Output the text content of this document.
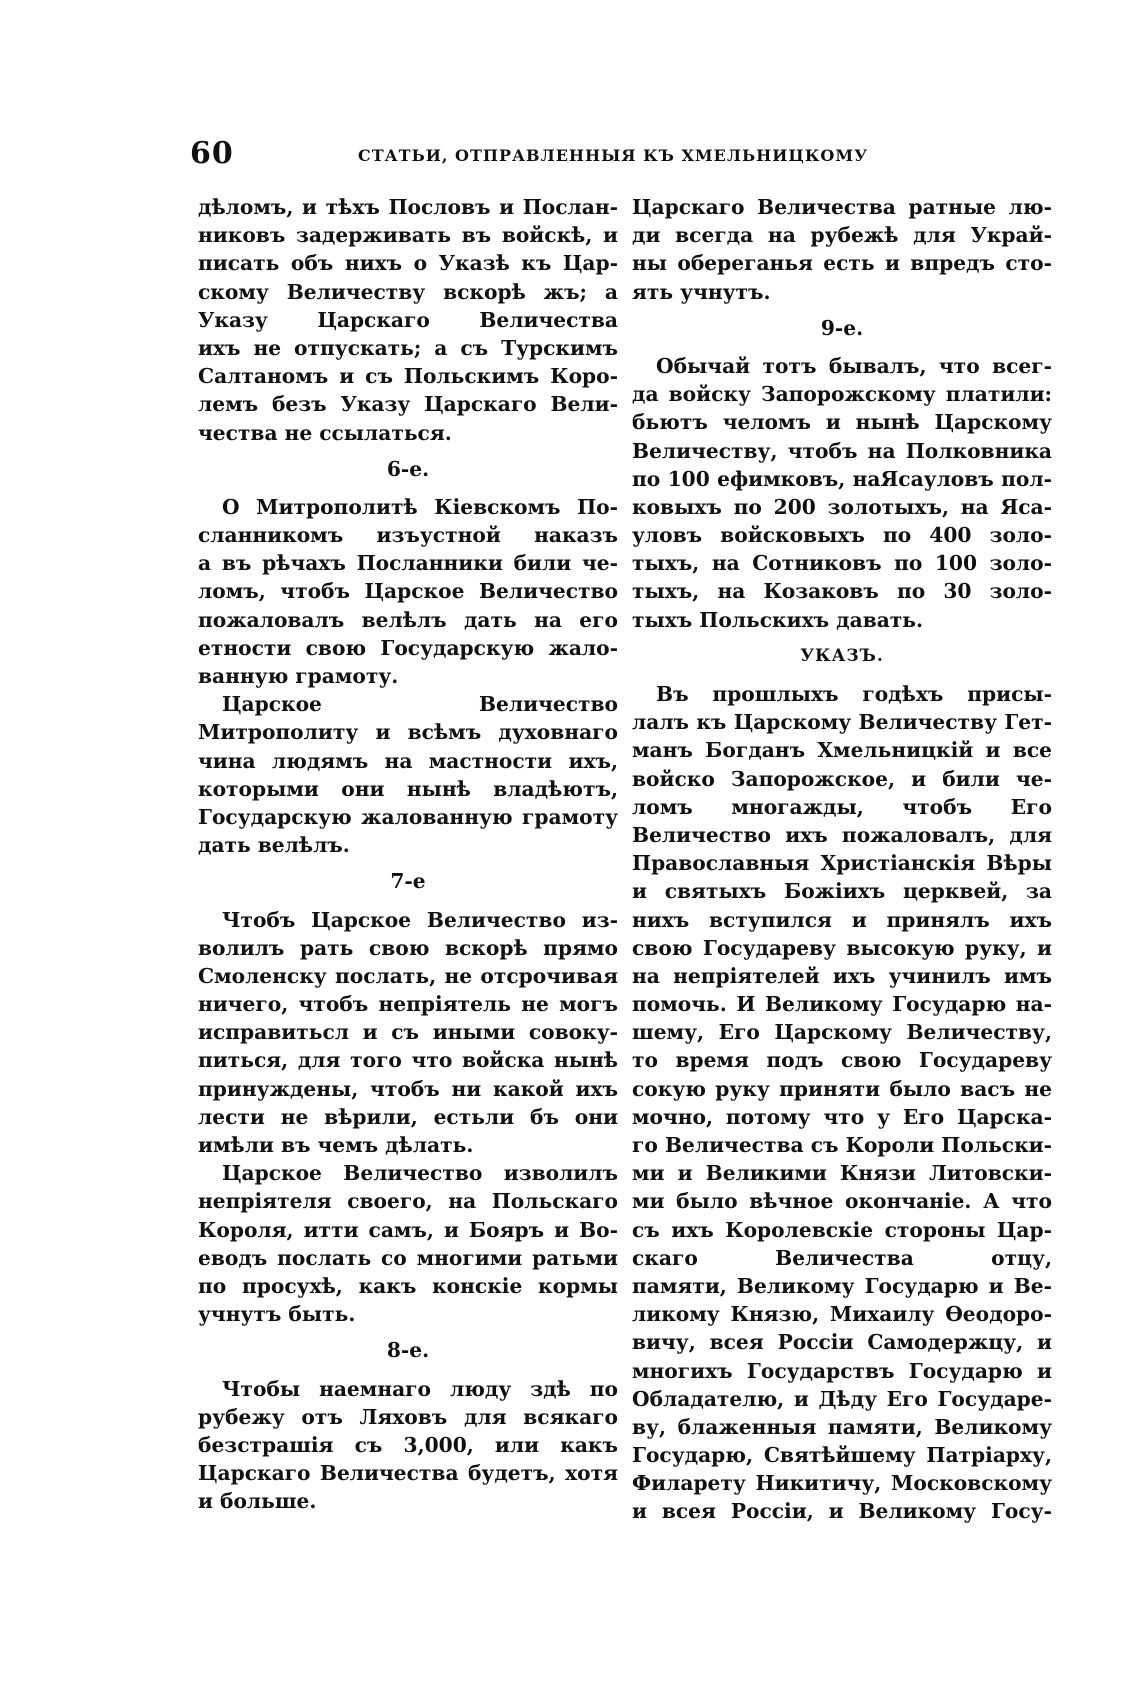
60	СТАТЬИ, ОТПРАВЛЕННЫЯ КЪ ХМЕЛЬНИЦКОМУ
дѣломъ, и тѣхъ Пословъ и Послан-
никовъ задерживать въ войскѣ, и
писать объ нихъ о Указѣ къ Цар-
скому Величеству вскорѣ жъ; а
Указу Царскаго Величества
ихъ не отпускать; а съ Турскимъ
Салтаномъ и съ Польскимъ Коро-
лемъ безъ Указу Царскаго Вели-
чества не ссылаться.
6-е.
О Митрополитѣ Кіевскомъ По-
сланникомъ изъустной наказъ
а въ рѣчахъ Посланники били че-
ломъ, чтобъ Царское Величество
пожаловалъ велѣлъ дать на его
етности свою Государскую жало-
ванную грамоту.
Царское Величество
Митрополиту и всѣмъ духовнаго
чина людямъ на мастности ихъ,
которыми они нынѣ владѣютъ,
Государскую жалованную грамоту
дать велѣлъ.
7-е
Чтобъ Царское Величество из-
волилъ рать свою вскорѣ прямо
Смоленску послать, не отсрочивая
ничего, чтобъ непріятель не могъ
исправитьсл и съ иными совоку-
питься, для того что войска нынѣ
принуждены, чтобъ ни какой ихъ
лести не вѣрили, естьли бъ они
имѣли въ чемъ дѣлать.
Царское Величество изволилъ
непріятеля своего, на Польскаго
Короля, итти самъ, и Бояръ и Во-
еводъ послать со многими ратьми
по просухѣ, какъ конскіе кормы
учнутъ быть.
8-е.
Чтобы наемнаго люду здѣ по
рубежу отъ Ляховъ для всякаго
безстрашія съ 3,000, или какъ
Царскаго Величества будетъ, хотя
и больше.
Царскаго Величества ратные лю-
ди всегда на рубежѣ для Украй-
ны обереганья есть и впредъ сто-
ять учнутъ.
9-е.
Обычай тотъ бывалъ, что всег-
да войску Запорожскому платили:
бьютъ челомъ и нынѣ Царскому
Величеству, чтобъ на Полковника
по 100 ефимковъ, наЯсауловъ пол-
ковыхъ по 200 золотыхъ, на Яса-
уловъ войсковыхъ по 400 золо-
тыхъ, на Сотниковъ по 100 золо-
тыхъ, на Козаковъ по 30 золо-
тыхъ Польскихъ давать.
УКАЗЪ.
Въ прошлыхъ годѣхъ присы-
лалъ къ Царскому Величеству Гет-
манъ Богданъ Хмельницкій и все
войско Запорожское, и били че-
ломъ многажды, чтобъ Его
Величество ихъ пожаловалъ, для
Православныя Христіанскія Вѣры
и святыхъ Божіихъ церквей, за
нихъ вступился и принялъ ихъ
свою Государеву высокую руку, и
на непріятелей ихъ учинилъ имъ
помочь. И Великому Государю на-
шему, Его Царскому Величеству,
то время подъ свою Государеву
сокую руку приняти было васъ не
мочно, потому что у Его Царска-
го Величества съ Короли Польски-
ми и Великими Князи Литовски-
ми было вѣчное окончаніе. А что
съ ихъ Королевскіе стороны Цар-
скаго Величества отцу,
памяти, Великому Государю и Ве-
ликому Князю, Михаилу Ѳеодоро-
вичу, всея Россіи Самодержцу, и
многихъ Государствъ Государю и
Обладателю, и Дѣду Его Государе-
ву, блаженныя памяти, Великому
Государю, Святѣйшему Патріарху,
Филарету Никитичу, Московскому
и всея Россіи, и Великому Госу-
